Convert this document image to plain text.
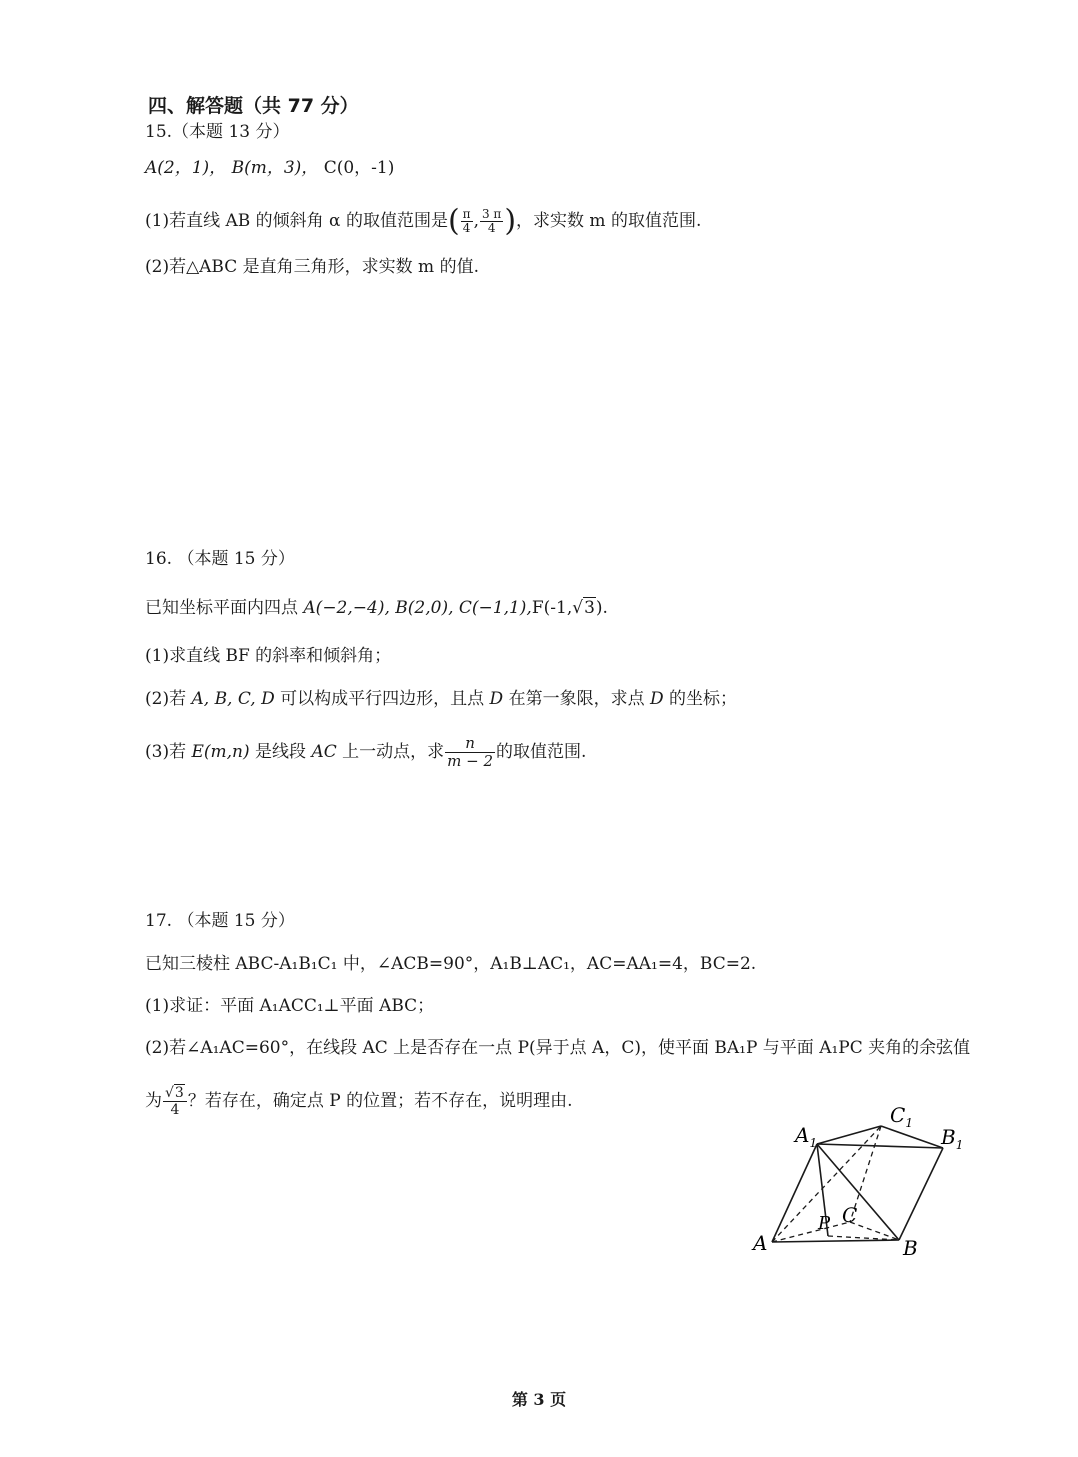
四、解答题（共 77 分）
15.（本题 13 分）
A(2，1)， B(m，3)， C(0，-1)
(1)若直线 AB 的倾斜角 α 的取值范围是( $\frac{\pi}{4}$ , $\frac{3 \pi}{4}$ )，求实数 m 的取值范围.
(2)若△ABC 是直角三角形，求实数 m 的值.
16. （本题 15 分）
已知坐标平面内四点 A(−2,−4), B(2,0), C(−1,1),F(-1,√3).
(1)求直线 BF 的斜率和倾斜角；
(2)若 A, B, C, D 可以构成平行四边形，且点 D 在第一象限，求点 D 的坐标；
(3)若 E(m,n) 是线段 AC 上一动点，求 $\frac{n}{m - 2}$ 的取值范围.
17. （本题 15 分）
已知三棱柱 ABC-A₁B₁C₁ 中，∠ACB=90°，A₁B⊥AC₁，AC=AA₁=4，BC=2.
(1)求证：平面 A₁ACC₁⊥平面 ABC；
(2)若∠A₁AC=60°，在线段 AC 上是否存在一点 P(异于点 A，C)，使平面 BA₁P 与平面 A₁PC 夹角的余弦值
为 $\frac{√3}{4}$ ？若存在，确定点 P 的位置；若不存在，说明理由.
$A_1$
$C_1$
$B_1$
A	B
C
P
第 3 页
